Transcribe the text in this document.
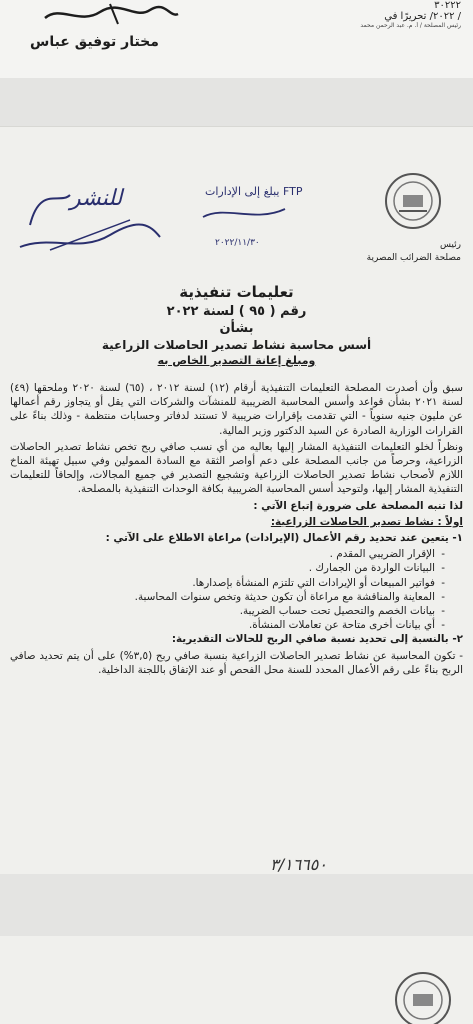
مختار توفيق عباس
۳۰۲۲۲
/ ۲۰۲۲/ تحريرًا في
رئيس المصلحة / أ. م. عبد الرحمن محمد
للنشر	يبلغ إلى الإدارات FTP
٢٠٢٢/١١/٣٠	رئيس
مصلحة الضرائب المصرية
تعليمات تنفيذية
رقم ( ٩٥ ) لسنة ٢٠٢٢
بشأن
أسس محاسبة نشاط تصدير الحاصلات الزراعية
ومبلغ إعانة التصدير الخاص به

سبق وأن أصدرت المصلحة التعليمات التنفيذية أرقام (١٢) لسنة ٢٠١٢ ، (٦٥) لسنة ٢٠٢٠ وملحقها (٤٩) لسنة ٢٠٢١ بشأن قواعد وأسس المحاسبة الضريبية للمنشآت والشركات التي يقل أو يتجاوز رقم أعمالها عن مليون جنيه سنوياً - التي تقدمت بإقرارات ضريبية لا تستند لدفاتر وحسابات منتظمة - وذلك بناءً على القرارات الوزارية الصادرة عن السيد الدكتور وزير المالية.

ونظراً لخلو التعليمات التنفيذية المشار إليها بعاليه من أي نسب صافي ربح تخص نشاط تصدير الحاصلات الزراعية، وحرصاً من جانب المصلحة على دعم أواصر الثقة مع السادة الممولين وفي سبيل تهيئة المناخ اللازم لأصحاب نشاط تصدير الحاصلات الزراعية وتشجيع التصدير في جميع المجالات، وإلحاقاً للتعليمات التنفيذية المشار إليها، ولتوحيد أسس المحاسبة الضريبية بكافة الوحدات التنفيذية بالمصلحة.

لذا تنبه المصلحة على ضرورة إتباع الآتي :

اولاً : نشاط تصدير الحاصلات الزراعية:

١- يتعين عند تحديد رقم الأعمال (الإيرادات) مراعاة الاطلاع على الآتي :

- الإقرار الضريبي المقدم .
- البيانات الواردة من الجمارك .
- فواتير المبيعات أو الإيرادات التي تلتزم المنشأة بإصدارها.
- المعاينة والمناقشة مع مراعاة أن تكون حديثة وتخص سنوات المحاسبة.
- بيانات الخصم والتحصيل تحت حساب الضريبة.
- أي بيانات أخرى متاحة عن تعاملات المنشأة.

٢- بالنسبة إلى تحديد نسبة صافي الربح للحالات التقديرية:

- تكون المحاسبة عن نشاط تصدير الحاصلات الزراعية بنسبة صافي ربح (٣,٥%) على أن يتم تحديد صافي الربح بناءً على رقم الأعمال المحدد للسنة محل الفحص أو عند الإتفاق باللجنة الداخلية.

٣/١٦٦٥٠
